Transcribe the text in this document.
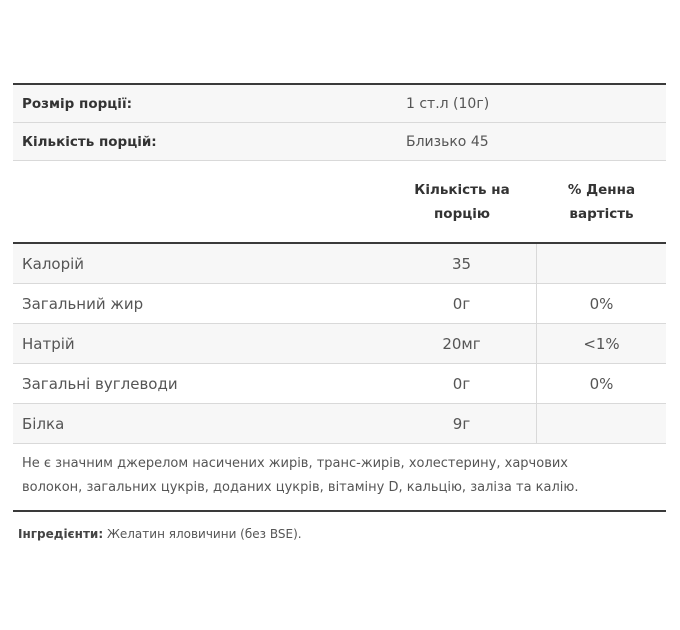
Розмір порції:	1 ст.л (10г)
Кількість порцій:	Близько 45
Кількість на
порцію
% Денна
вартість
Калорій	35
Загальний жир	0г	0%
Натрій	20мг	<1%
Загальні вуглеводи	0г	0%
Білка	9г
Не є значним джерелом насичених жирів, транс-жирів, холестерину, харчових
волокон, загальних цукрів, доданих цукрів, вітаміну D, кальцію, заліза та калію.
Інгредієнти: Желатин яловичини (без BSE).
